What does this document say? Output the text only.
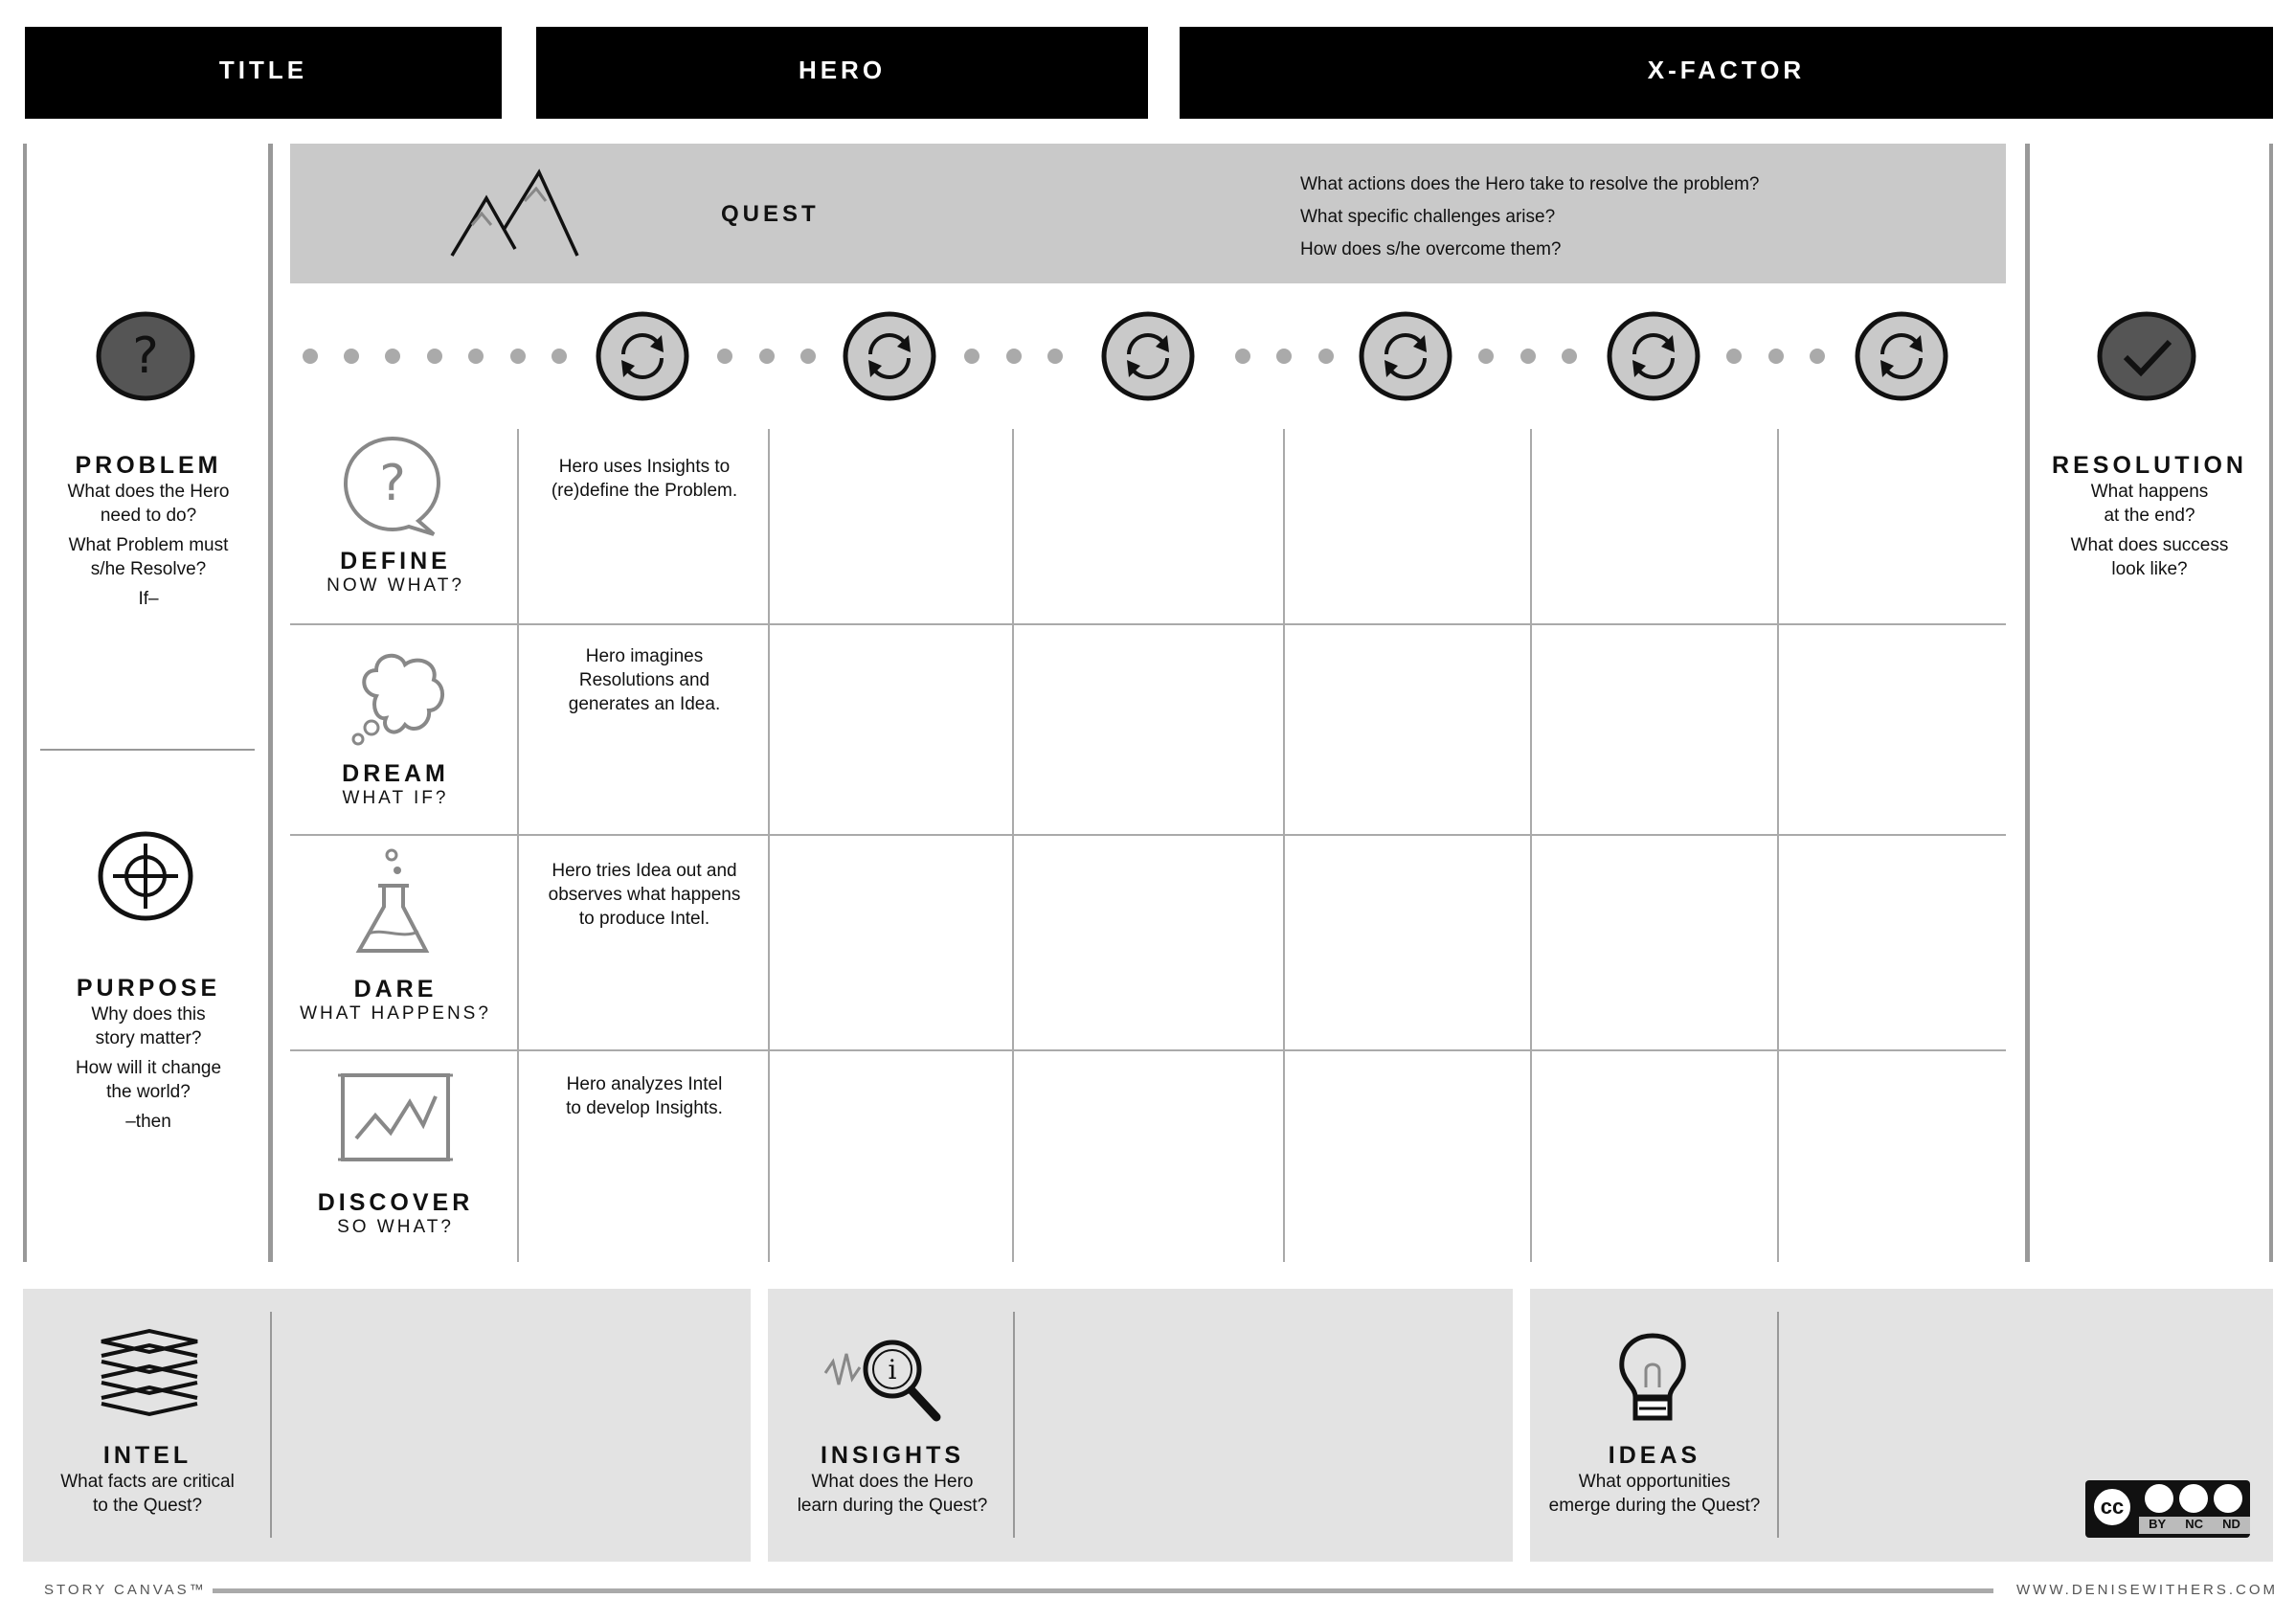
TITLE	HERO	X-FACTOR
QUEST
What actions does the Hero take to resolve the problem?
What specific challenges arise?
How does s/he overcome them?
?
PROBLEM
What does the Hero
need to do?
What Problem must
s/he Resolve?
If–
PURPOSE
Why does this
story matter?
How will it change
the world?
–then
RESOLUTION
What happens
at the end?
What does success
look like?
?
DEFINE
NOW WHAT?
Hero uses Insights to
(re)define the Problem.
DREAM
WHAT IF?
Hero imagines
Resolutions and
generates an Idea.
DARE
WHAT HAPPENS?
Hero tries Idea out and
observes what happens
to produce Intel.
DISCOVER
SO WHAT?
Hero analyzes Intel
to develop Insights.
INTEL
What facts are critical
to the Quest?
i
INSIGHTS
What does the Hero
learn during the Quest?
IDEAS
What opportunities
emerge during the Quest?	cc
BY NC ND
STORY CANVAS™	WWW.DENISEWITHERS.COM
